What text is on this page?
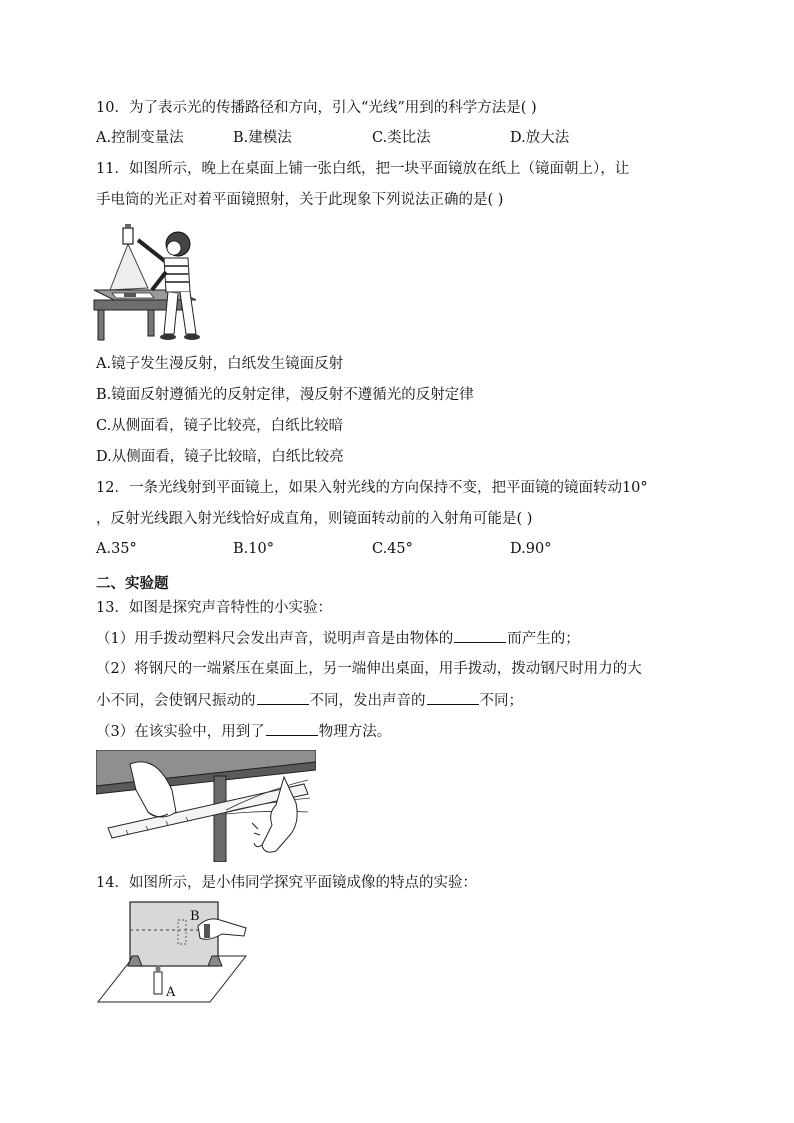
10．为了表示光的传播路径和方向，引入“光线”用到的科学方法是( )
A.控制变量法	B.建模法	C.类比法	D.放大法
11．如图所示，晚上在桌面上铺一张白纸，把一块平面镜放在纸上（镜面朝上），让
手电筒的光正对着平面镜照射，关于此现象下列说法正确的是( )
A.镜子发生漫反射，白纸发生镜面反射
B.镜面反射遵循光的反射定律，漫反射不遵循光的反射定律
C.从侧面看，镜子比较亮，白纸比较暗
D.从侧面看，镜子比较暗，白纸比较亮
12．一条光线射到平面镜上，如果入射光线的方向保持不变，把平面镜的镜面转动10°
，反射光线跟入射光线恰好成直角，则镜面转动前的入射角可能是( )
A.35°	B.10°	C.45°	D.90°
二、实验题
13．如图是探究声音特性的小实验：
（1）用手拨动塑料尺会发出声音，说明声音是由物体的	而产生的；
（2）将钢尺的一端紧压在桌面上，另一端伸出桌面，用手拨动，拨动钢尺时用力的大
小不同，会使钢尺振动的	不同，发出声音的	不同；
（3）在该实验中，用到了	物理方法。
14．如图所示，是小伟同学探究平面镜成像的特点的实验：
B
A
